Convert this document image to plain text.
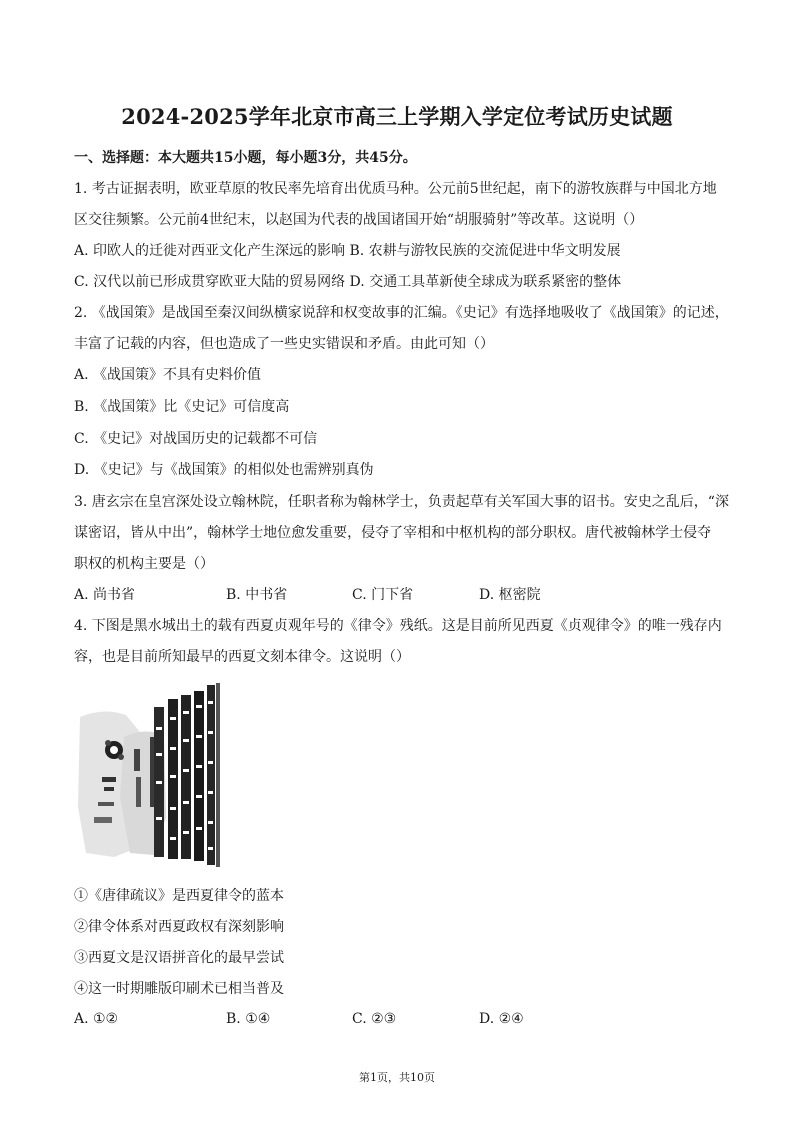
2024-2025学年北京市高三上学期入学定位考试历史试题
一、选择题：本大题共15小题，每小题3分，共45分。
1. 考古证据表明，欧亚草原的牧民率先培育出优质马种。公元前5世纪起，南下的游牧族群与中国北方地
区交往频繁。公元前4世纪末，以赵国为代表的战国诸国开始“胡服骑射”等改革。这说明（）
A. 印欧人的迁徙对西亚文化产生深远的影响 B. 农耕与游牧民族的交流促进中华文明发展
C. 汉代以前已形成贯穿欧亚大陆的贸易网络 D. 交通工具革新使全球成为联系紧密的整体
2. 《战国策》是战国至秦汉间纵横家说辞和权变故事的汇编。《史记》有选择地吸收了《战国策》的记述，
丰富了记载的内容，但也造成了一些史实错误和矛盾。由此可知（）
A. 《战国策》不具有史料价值
B. 《战国策》比《史记》可信度高
C. 《史记》对战国历史的记载都不可信
D. 《史记》与《战国策》的相似处也需辨别真伪
3. 唐玄宗在皇宫深处设立翰林院，任职者称为翰林学士，负责起草有关军国大事的诏书。安史之乱后，“深
谋密诏，皆从中出”，翰林学士地位愈发重要，侵夺了宰相和中枢机构的部分职权。唐代被翰林学士侵夺
职权的机构主要是（）
A. 尚书省	B. 中书省	C. 门下省	D. 枢密院
4. 下图是黑水城出土的载有西夏贞观年号的《律令》残纸。这是目前所见西夏《贞观律令》的唯一残存内
容，也是目前所知最早的西夏文刻本律令。这说明（）
①《唐律疏议》是西夏律令的蓝本
②律令体系对西夏政权有深刻影响
③西夏文是汉语拼音化的最早尝试
④这一时期雕版印刷术已相当普及
A. ①②	B. ①④	C. ②③	D. ②④
第1页，共10页
